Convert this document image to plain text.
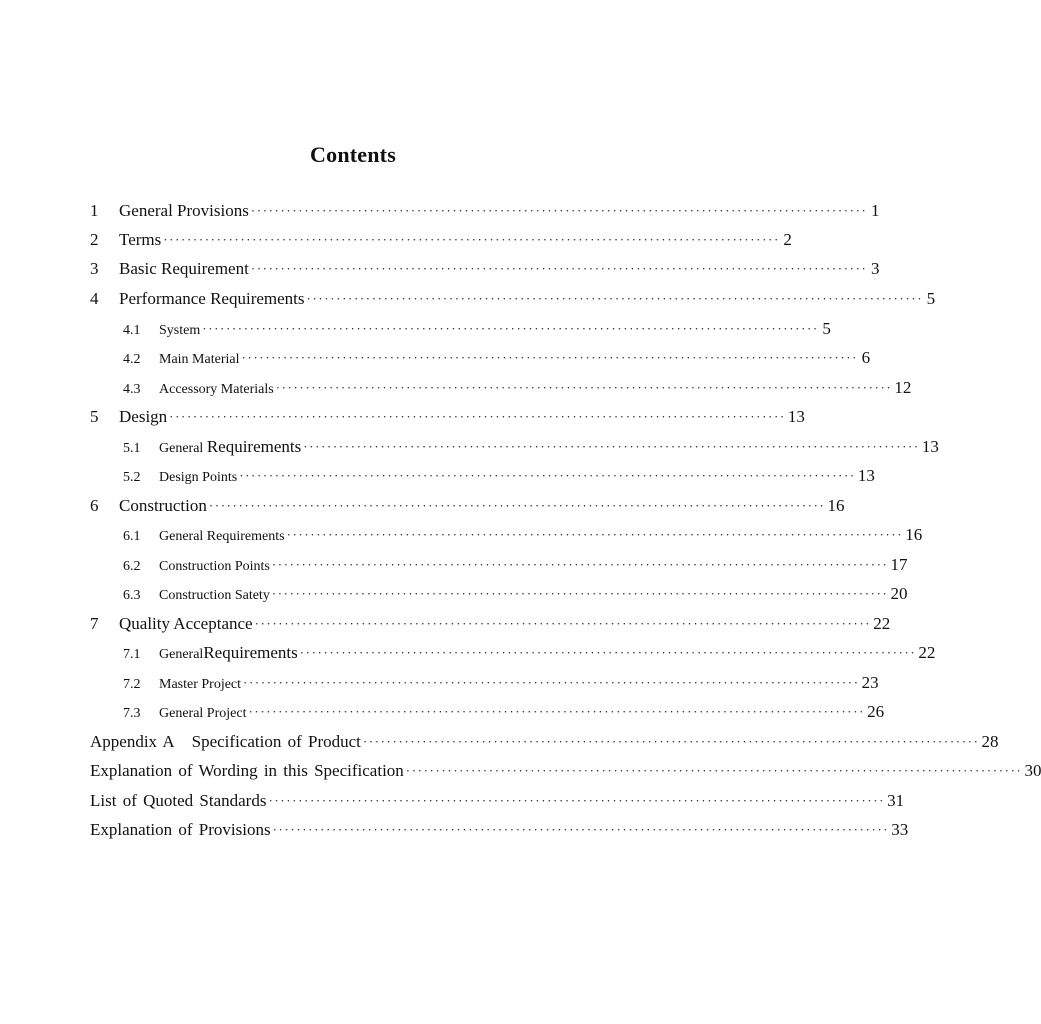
Contents
1	General Provisions ········································································································ 1
2	Terms ········································································································ 2
3	Basic Requirement ········································································································ 3
4	Performance Requirements ········································································································ 5
4.1	System ········································································································ 5
4.2	Main Material ········································································································ 6
4.3	Accessory Materials ········································································································ 12
5	Design ········································································································ 13
5.1	General Requirements ········································································································ 13
5.2	Design Points ········································································································ 13
6	Construction ········································································································ 16
6.1	General Requirements ········································································································ 16
6.2	Construction Points ········································································································ 17
6.3	Construction Satety ········································································································ 20
7	Quality Acceptance ········································································································ 22
7.1	GeneralRequirements ········································································································ 22
7.2	Master Project ········································································································ 23
7.3	General Project ········································································································ 26
Appendix A Specification of Product ········································································································ 28
Explanation of Wording in this Specification ········································································································ 30
List of Quoted Standards ········································································································ 31
Explanation of Provisions ········································································································ 33
